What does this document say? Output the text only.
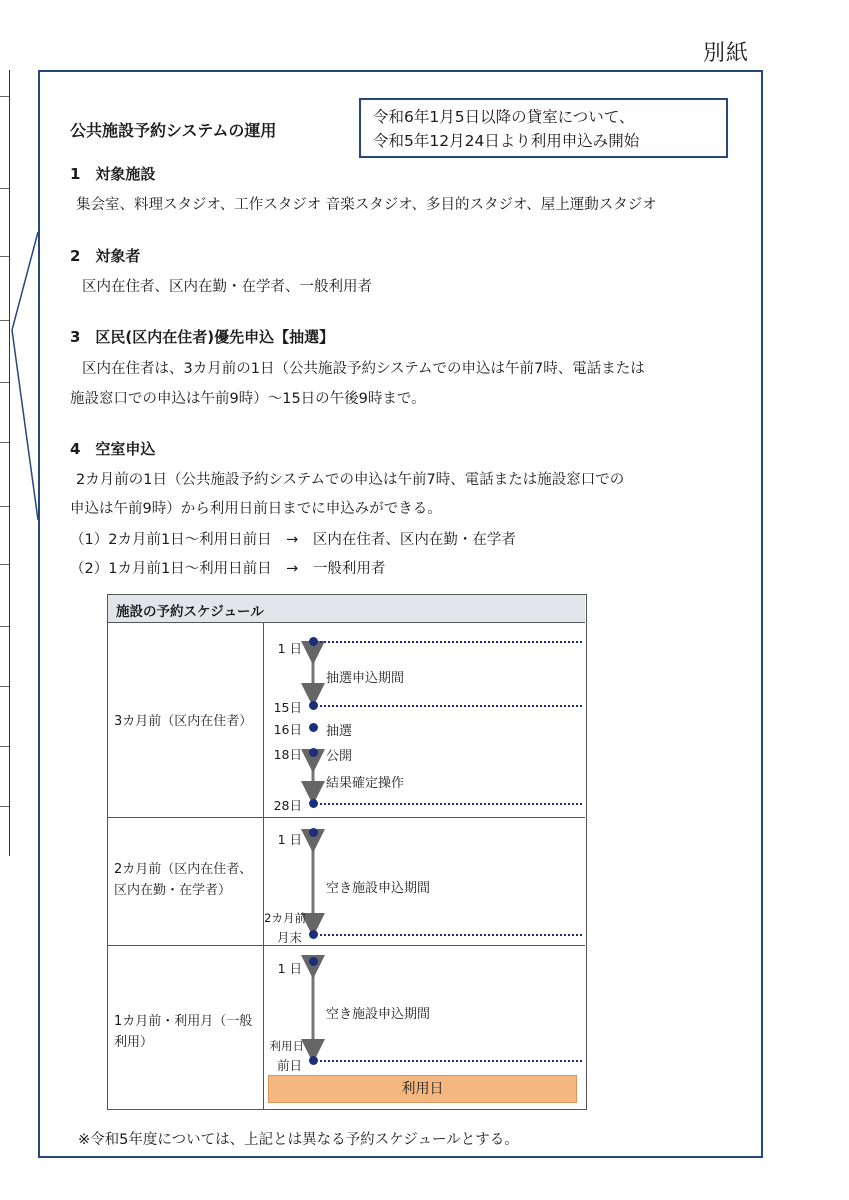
別紙
公共施設予約システムの運用
令和6年1月5日以降の貸室について、
令和5年12月24日より利用申込み開始
1　対象施設
集会室、料理スタジオ、工作スタジオ 音楽スタジオ、多目的スタジオ、屋上運動スタジオ
2　対象者
区内在住者、区内在勤・在学者、一般利用者
3　区民(区内在住者)優先申込【抽選】
区内在住者は、3カ月前の1日（公共施設予約システムでの申込は午前7時、電話または
施設窓口での申込は午前9時）～15日の午後9時まで。
4　空室申込
2カ月前の1日（公共施設予約システムでの申込は午前7時、電話または施設窓口での
申込は午前9時）から利用日前日までに申込みができる。
（1）2カ月前1日～利用日前日　→　区内在住者、区内在勤・在学者
（2）1カ月前1日～利用日前日　→　一般利用者
施設の予約スケジュール
3カ月前（区内在住者）
2カ月前（区内在住者、
区内在勤・在学者）
1カ月前・利用月（一般
利用）
1 日
抽選申込期間
15日
16日 抽選
18日 公開
結果確定操作
28日
1 日
空き施設申込期間
2カ月前
月末
1 日
空き施設申込期間
利用日
前日
利用日
※令和5年度については、上記とは異なる予約スケジュールとする。
